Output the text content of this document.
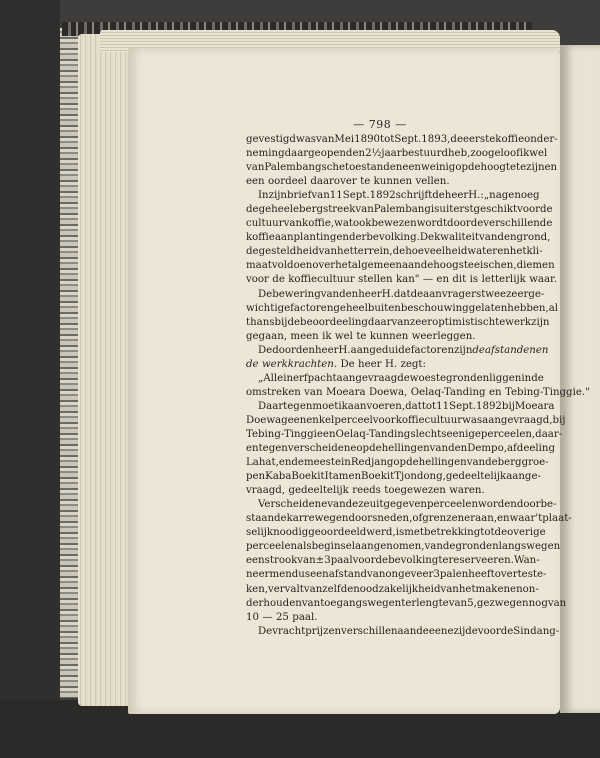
— 798 —
gevestigd was van Mei 1890 tot Sept. 1893, de eerste koffieonder-
neming daar geopend en 2½ jaar bestuurd heb, zoo geloof ik wel
van Palembangsche toestanden een weinig op de hoogte te zijn en
een oordeel daarover te kunnen vellen.
In zijn brief van 11 Sept. 1892 schrijft de heer H.: „nagenoeg
de geheele bergstreek van Palembang is uiterst geschikt voor de
cultuur van koffie, wat ook bewezen wordt door de verschillende
koffieaanplantingen der bevolking. De kwaliteit van den grond,
de gesteldheid van het terrein, de hoeveelheid water en het kli-
maat voldoen over het algemeen aan de hoogste eischen, die men
voor de koffiecultuur stellen kan" — en dit is letterlijk waar.
De bewering van den heer H. dat de aanvragers twee zeer ge-
wichtige factoren geheel buiten beschouwing gelaten hebben, al
thans bij de beoordeeling daarvan zeer optimistisch te werk zijn
gegaan, meen ik wel te kunnen weerleggen.
De door den heer H. aangeduide factoren zijn de afstanden en
de werkkrachten. De heer H. zegt:
„Alle in erfpacht aangevraagde woeste gronden liggen in de
omstreken van Moeara Doewa, Oelaq-Tanding en Tebing-Tinggie."
Daartegen moet ik aanvoeren, dat tot 11 Sept. 1892 bij Moeara
Doewa geen enkel perceel voor koffiecultuur was aangevraagd, bij
Tebing-Tinggie en Oelaq-Tanding slechts eenige perceelen, daar-
entegen verscheidene op de hellingen van den Dempo, afdeeling
Lahat, en de meeste in Redjang op de hellingen van de berggroe-
pen Kaba Boekit Itam en Boekit Tjondong, gedeeltelijk aange-
vraagd, gedeeltelijk reeds toegewezen waren.
Verscheidene van deze uitgegeven perceelen worden door be-
staande karrewegen doorsneden, of grenzen er aan, en waar 't plaat-
selijk noodig geoordeeld werd, is met betrekking tot de overige
perceelen als beginsel aangenomen, van de gronden langs wegen
een strook van ± 3 paal voor de bevolking te reserveeren. Wan-
neer men dus een afstand van ongeveer 3 palen heeft over te ste-
ken, vervalt van zelf de noodzakelijkheid van het maken en on-
derhouden van toegangswegen ter lengte van 5, gezwegen nog van
10 — 25 paal.
De vrachtprijzen verschillen aan de eene zijde voor de Sindang-
